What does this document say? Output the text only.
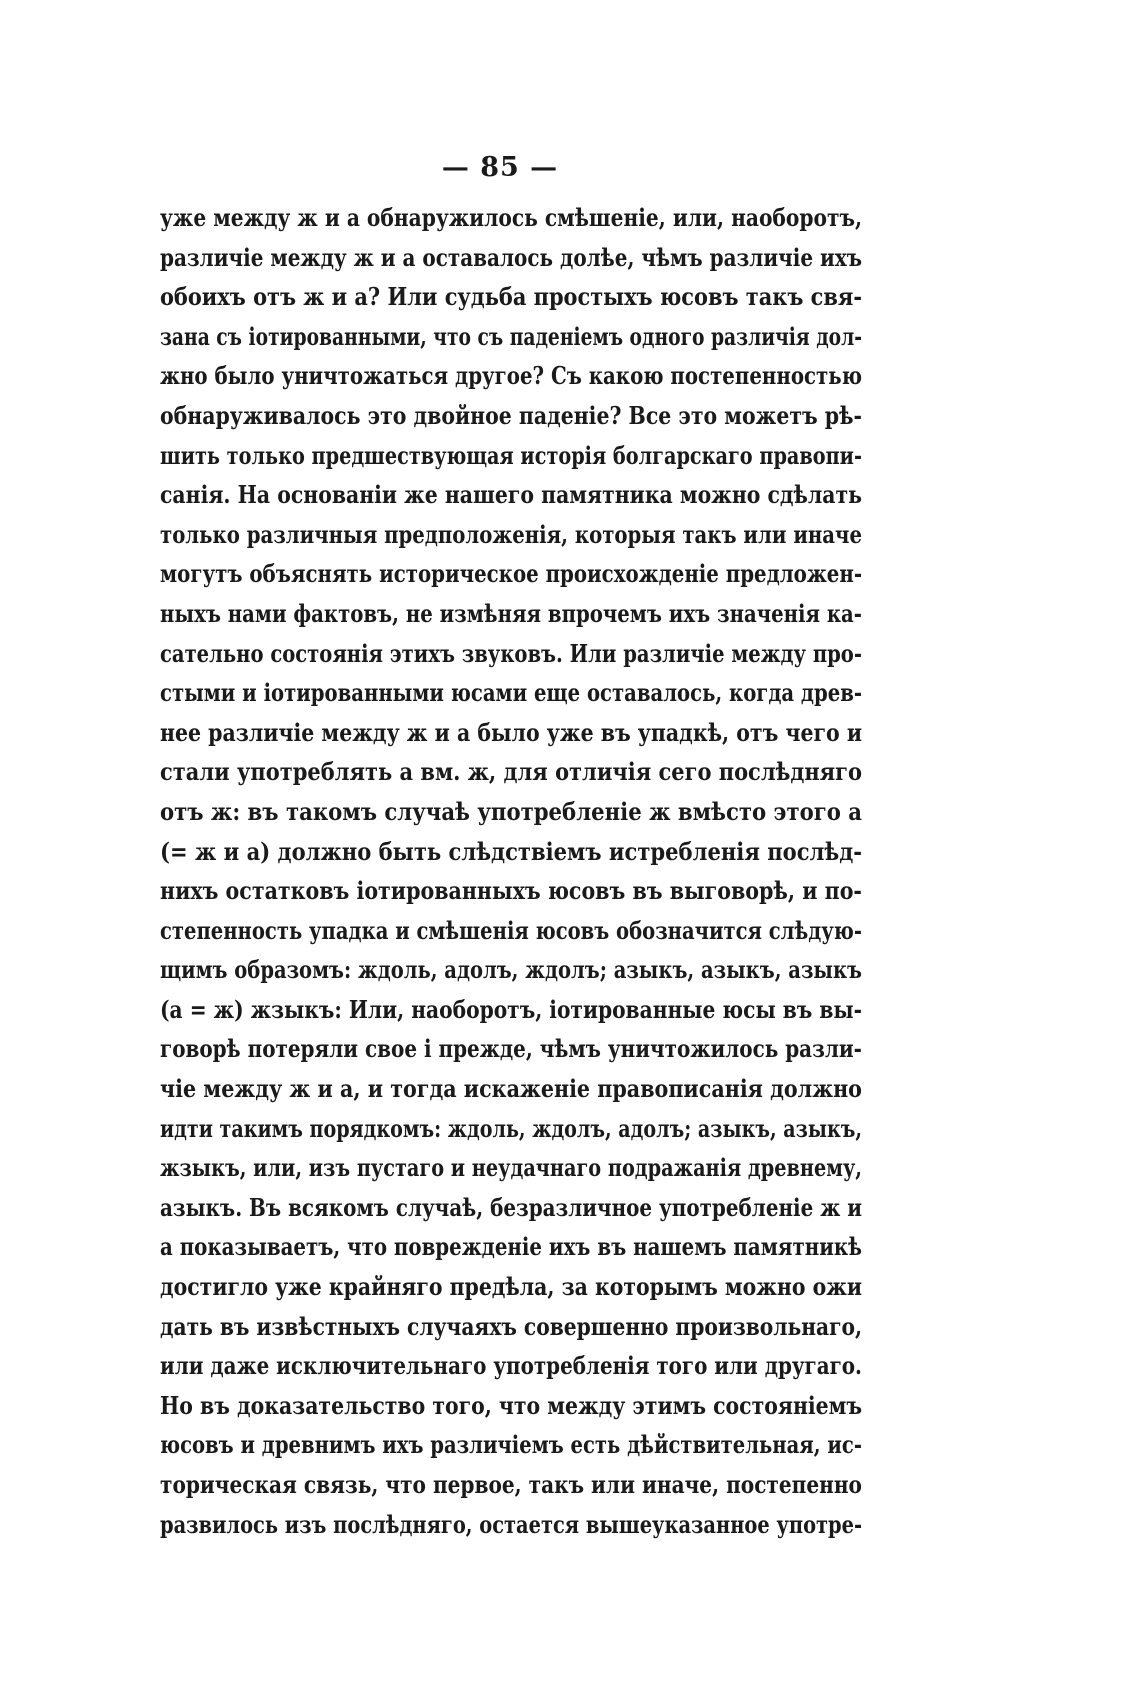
— 85 —
уже между ж и а обнаружилось смѣшеніе, или, наоборотъ,
различіе между ж и а оставалось долѣе, чѣмъ различіе ихъ
обоихъ отъ ж и а? Или судьба простыхъ юсовъ такъ свя-
зана съ іотированными, что съ паденіемъ одного различія дол-
жно было уничтожаться другое? Съ какою постепенностью
обнаруживалось это двойное паденіе? Все это можетъ рѣ-
шить только предшествующая исторія болгарскаго правопи-
санія. На основаніи же нашего памятника можно сдѣлать
только различныя предположенія, которыя такъ или иначе
могутъ объяснять историческое происхожденіе предложен-
ныхъ нами фактовъ, не измѣняя впрочемъ ихъ значенія ка-
сательно состоянія этихъ звуковъ. Или различіе между про-
стыми и іотированными юсами еще оставалось, когда древ-
нее различіе между ж и а было уже въ упадкѣ, отъ чего и
стали употреблять а вм. ж, для отличія сего послѣдняго
отъ ж: въ такомъ случаѣ употребленіе ж вмѣсто этого а
(= ж и а) должно быть слѣдствіемъ истребленія послѣд-
нихъ остатковъ іотированныхъ юсовъ въ выговорѣ, и по-
степенность упадка и смѣшенія юсовъ обозначится слѣдую-
щимъ образомъ: ждоль, адолъ, ждолъ; азыкъ, азыкъ, азыкъ
(а = ж) жзыкъ: Или, наоборотъ, іотированные юсы въ вы-
говорѣ потеряли свое і прежде, чѣмъ уничтожилось разли-
чіе между ж и а, и тогда искаженіе правописанія должно
идти такимъ порядкомъ: ждоль, ждолъ, адолъ; азыкъ, азыкъ,
жзыкъ, или, изъ пустаго и неудачнаго подражанія древнему,
азыкъ. Въ всякомъ случаѣ, безразличное употребленіе ж и
а показываетъ, что поврежденіе ихъ въ нашемъ памятникѣ
достигло уже крайняго предѣла, за которымъ можно ожи
дать въ извѣстныхъ случаяхъ совершенно произвольнаго,
или даже исключительнаго употребленія того или другаго.
Но въ доказательство того, что между этимъ состояніемъ
юсовъ и древнимъ ихъ различіемъ есть дѣйствительная, ис-
торическая связь, что первое, такъ или иначе, постепенно
развилось изъ послѣдняго, остается вышеуказанное употре-
